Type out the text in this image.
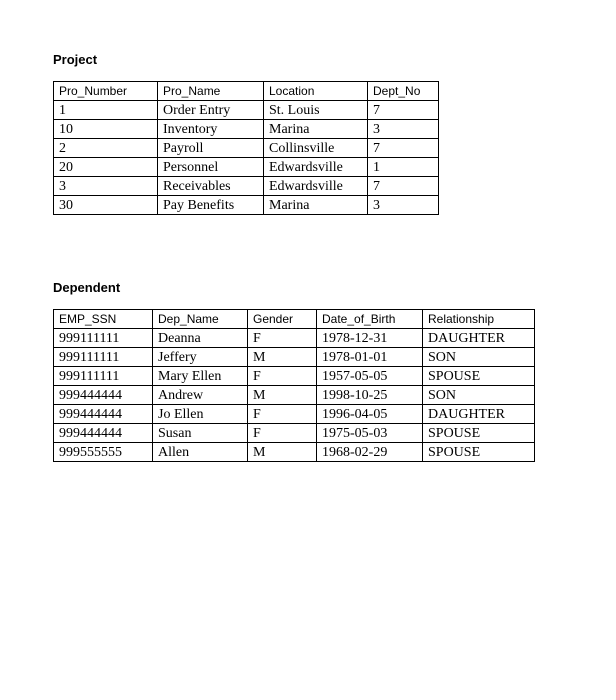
Project
Pro_Number	Pro_Name	Location	Dept_No
1	Order Entry	St. Louis	7
10	Inventory	Marina	3
2	Payroll	Collinsville	7
20	Personnel	Edwardsville	1
3	Receivables	Edwardsville	7
30	Pay Benefits	Marina	3
Dependent
EMP_SSN	Dep_Name	Gender	Date_of_Birth	Relationship
999111111	Deanna	F	1978-12-31	DAUGHTER
999111111	Jeffery	M	1978-01-01	SON
999111111	Mary Ellen	F	1957-05-05	SPOUSE
999444444	Andrew	M	1998-10-25	SON
999444444	Jo Ellen	F	1996-04-05	DAUGHTER
999444444	Susan	F	1975-05-03	SPOUSE
999555555	Allen	M	1968-02-29	SPOUSE
